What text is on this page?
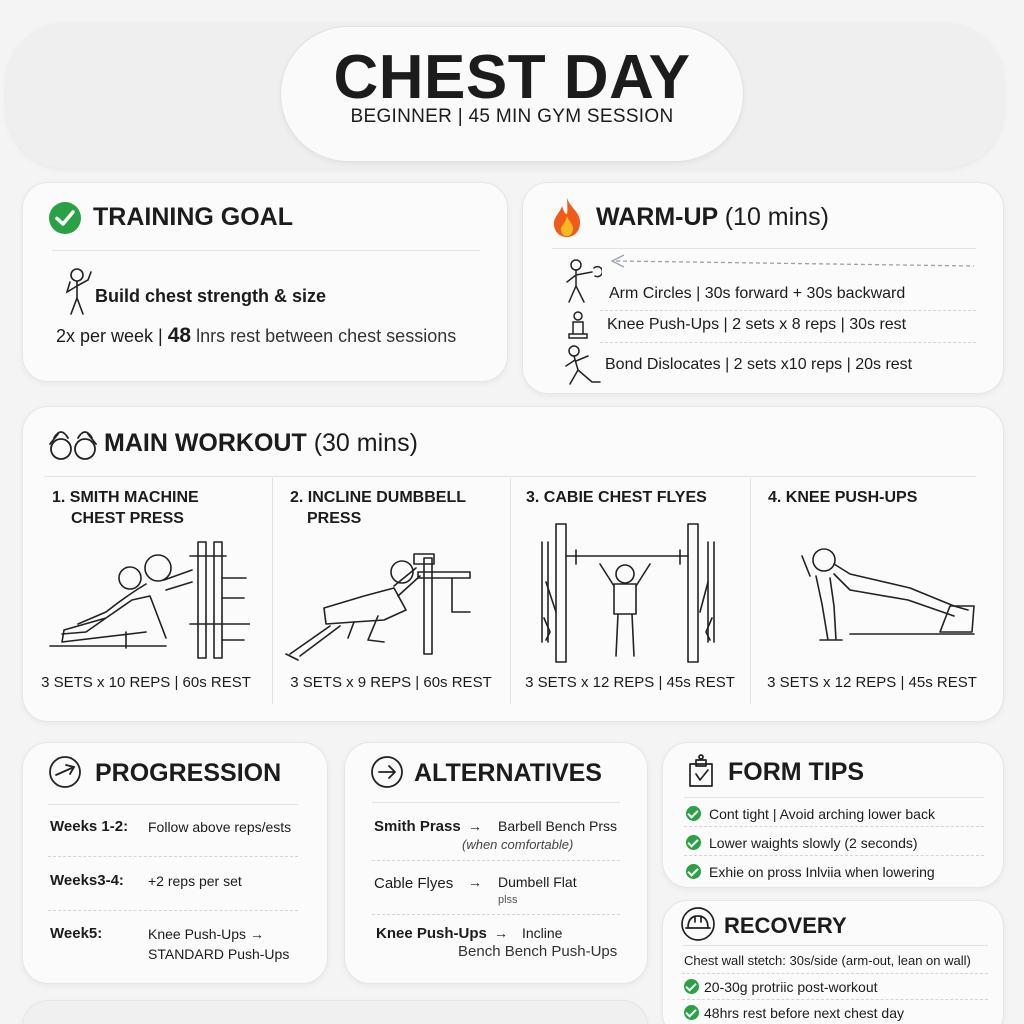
CHEST DAY
BEGINNER | 45 MIN GYM SESSION
TRAINING GOAL
Build chest strength & size
2x per week | 48 lnrs rest between chest sessions
WARM-UP (10 mins)
Arm Circles | 30s forward + 30s backward
Knee Push-Ups | 2 sets x 8 reps | 30s rest
Bond Dislocates | 2 sets x10 reps | 20s rest
MAIN WORKOUT (30 mins)
1. SMITH MACHINE
CHEST PRESS
3 SETS x 10 REPS | 60s REST
2. INCLINE DUMBBELL
PRESS
3 SETS x 9 REPS | 60s REST
3. CABIE CHEST FLYES
3 SETS x 12 REPS | 45s REST
4. KNEE PUSH-UPS
3 SETS x 12 REPS | 45s REST
PROGRESSION
Weeks 1-2: Follow above reps/ests
Weeks3-4: +2 reps per set
Week5:	Knee Push-Ups →
STANDARD Push-Ups
ALTERNATIVES
Smith Prass → Barbell Bench Prss
(when comfortable)
Cable Flyes → Dumbell Flat
plss
Knee Push-Ups → Incline
Bench Bench Push-Ups
FORM TIPS
Cont tight | Avoid arching lower back
Lower waights slowly (2 seconds)
Exhie on pross Inlviia when lowering
RECOVERY
Chest wall stetch: 30s/side (arm-out, lean on wall)
20-30g protriic post-workout
48hrs rest before next chest day
